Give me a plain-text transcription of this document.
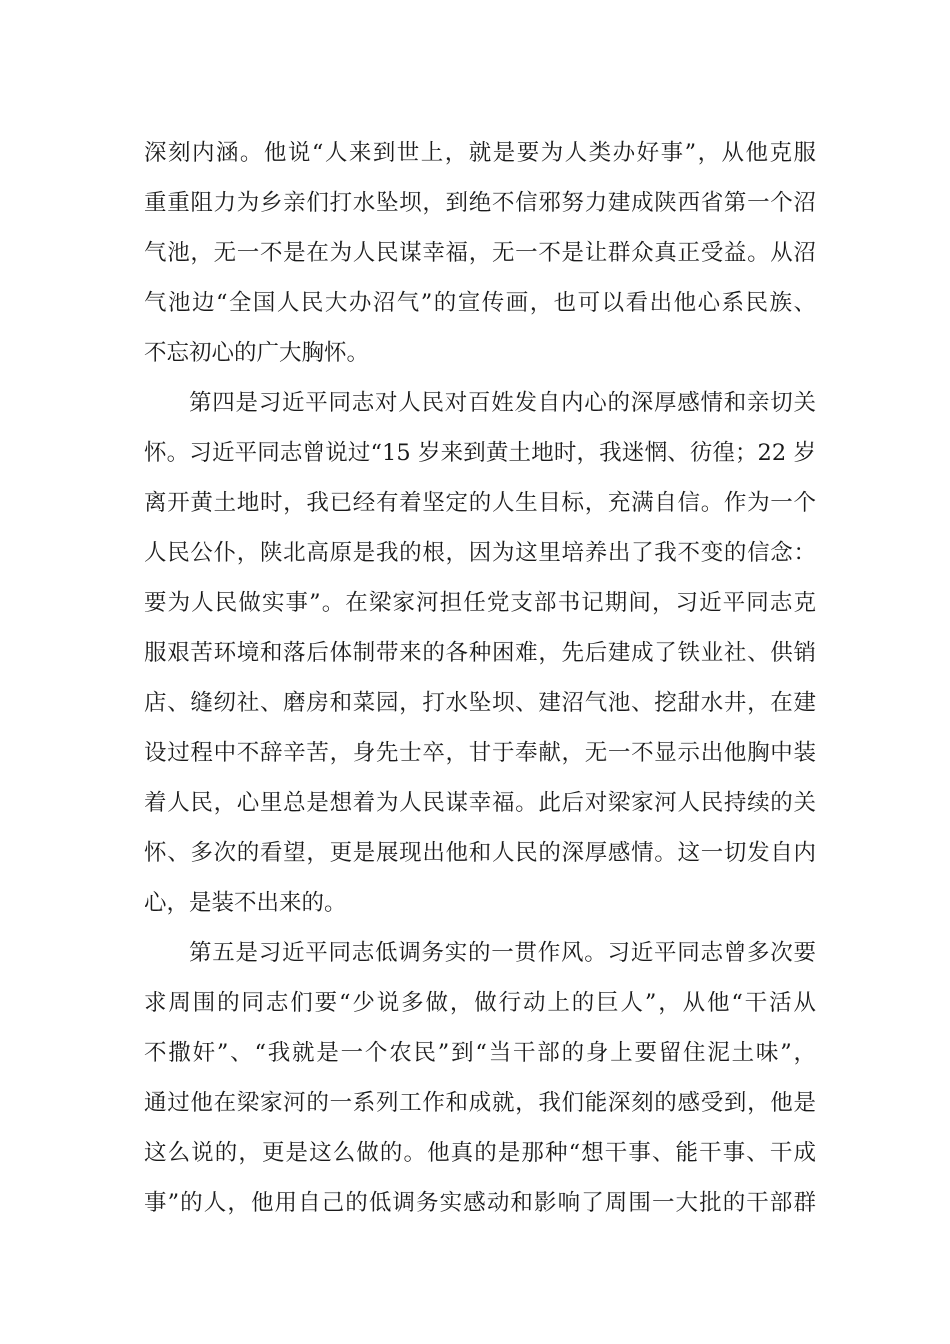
深刻内涵。他说“人来到世上，就是要为人类办好事”，从他克服
重重阻力为乡亲们打水坠坝，到绝不信邪努力建成陕西省第一个沼
气池，无一不是在为人民谋幸福，无一不是让群众真正受益。从沼
气池边“全国人民大办沼气”的宣传画，也可以看出他心系民族、
不忘初心的广大胸怀。
第四是习近平同志对人民对百姓发自内心的深厚感情和亲切关
怀。习近平同志曾说过“15 岁来到黄土地时，我迷惘、彷徨；22 岁
离开黄土地时，我已经有着坚定的人生目标，充满自信。作为一个
人民公仆，陕北高原是我的根，因为这里培养出了我不变的信念：
要为人民做实事”。在梁家河担任党支部书记期间，习近平同志克
服艰苦环境和落后体制带来的各种困难，先后建成了铁业社、供销
店、缝纫社、磨房和菜园，打水坠坝、建沼气池、挖甜水井，在建
设过程中不辞辛苦，身先士卒，甘于奉献，无一不显示出他胸中装
着人民，心里总是想着为人民谋幸福。此后对梁家河人民持续的关
怀、多次的看望，更是展现出他和人民的深厚感情。这一切发自内
心，是装不出来的。
第五是习近平同志低调务实的一贯作风。习近平同志曾多次要
求周围的同志们要“少说多做，做行动上的巨人”，从他“干活从
不撒奸”、“我就是一个农民”到“当干部的身上要留住泥土味”，
通过他在梁家河的一系列工作和成就，我们能深刻的感受到，他是
这么说的，更是这么做的。他真的是那种“想干事、能干事、干成
事”的人，他用自己的低调务实感动和影响了周围一大批的干部群
